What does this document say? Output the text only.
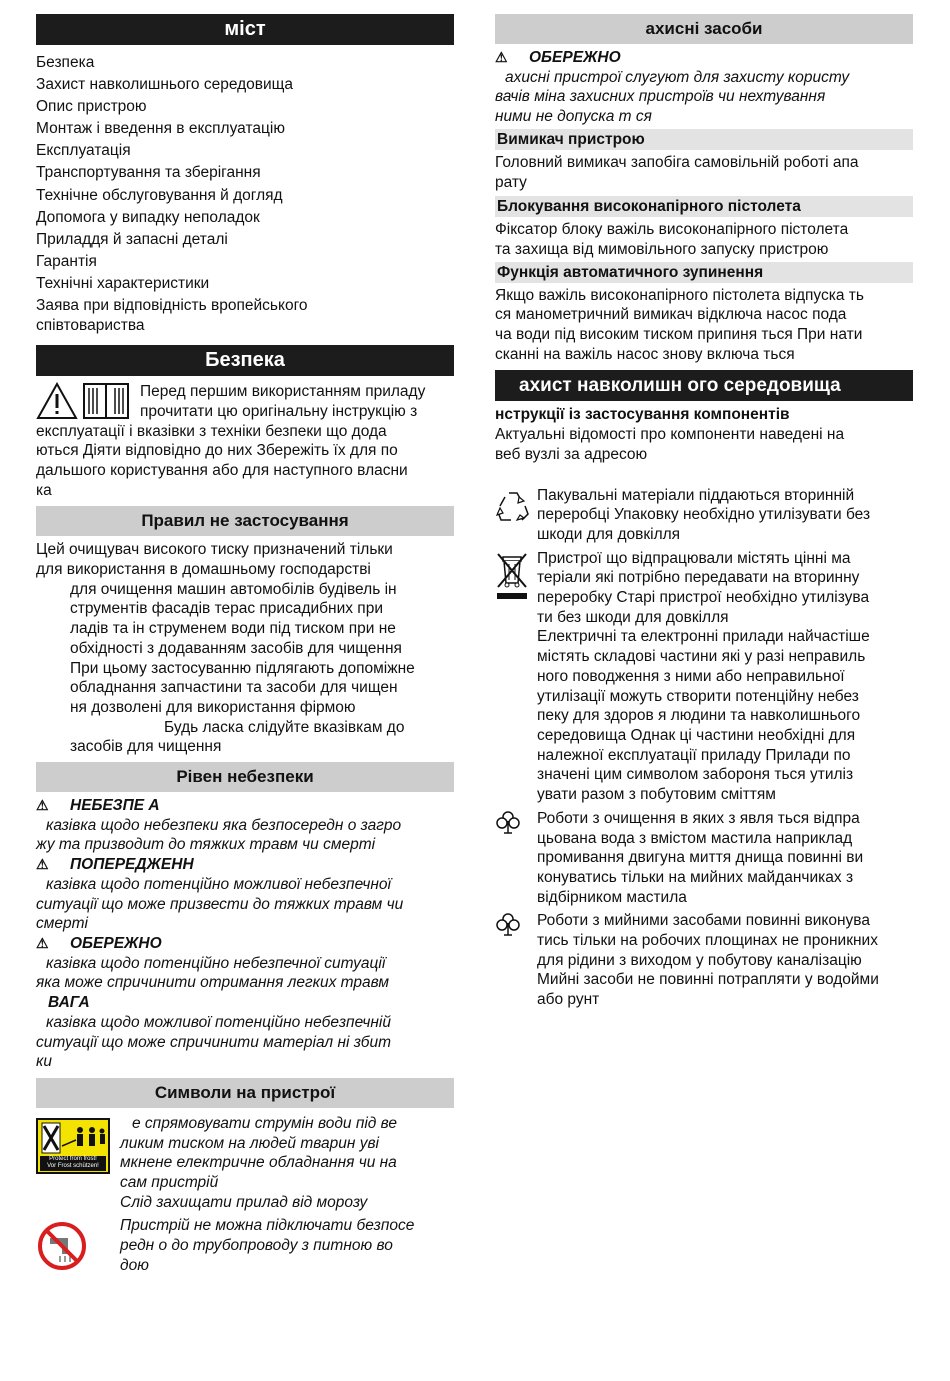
міст

Безпека

Захист навколишнього середовища

Опис пристрою

Монтаж і введення в експлуатацію

Експлуатація

Транспортування та зберігання

Технічне обслуговування й догляд

Допомога у випадку неполадок

Приладдя й запасні деталі

Гарантія

Технічні характеристики

Заява при відповідність вропейського

співтовариства

Безпека

Перед першим використанням приладу

прочитати цю оригінальну інструкцію з

експлуатації і вказівки з техніки безпеки що дода

ються Діяти відповідно до них Збережіть їх для по

дальшого користування або для наступного власни

ка

Правил не застосування

Цей очищувач високого тиску призначений тільки

для використання в домашньому господарстві

для очищення машин автомобілів будівель ін

струментів фасадів терас присадибних при

ладів та ін струменем води під тиском при не

обхідності з додаванням засобів для чищення

При цьому застосуванню підлягають допоміжне

обладнання запчастини та засоби для чищен

ня дозволені для використання фірмою

Будь ласка слідуйте вказівкам до

засобів для чищення

Рівен небезпеки
⚠ НЕБЕЗПЕ А

казівка щодо небезпеки яка безпосередн о загро

жу та призводит до тяжких травм чи смерті

⚠ ПОПЕРЕДЖЕНН

казівка щодо потенційно можливої небезпечної

ситуації що може призвести до тяжких травм чи

смерті

⚠ ОБЕРЕЖНО

казівка щодо потенційно небезпечної ситуації

яка може спричинити отримання легких травм

ВАГА

казівка щодо можливої потенційно небезпечній

ситуації що може спричинити матеріал ні збит

ки

Символи на пристрої
Protect from frost!
Vor Frost schützen!

е спрямовувати струмін води під ве

ликим тиском на людей тварин уві

мкнене електричне обладнання чи на

сам пристрій

Слід захищати прилад від морозу

Пристрій не можна підключати безпосе

редн о до трубопроводу з питною во

дою

ахисні засоби
⚠ ОБЕРЕЖНО

ахисні пристрої слугуют для захисту користу

вачів міна захисних пристроїв чи нехтування

ними не допуска т ся

Вимикач пристрою

Головний вимикач запобіга самовільній роботі апа

рату

Блокування високонапірного пістолета

Фіксатор блоку важіль високонапірного пістолета

та захища від мимовільного запуску пристрою

Функція автоматичного зупинення

Якщо важіль високонапірного пістолета відпуска ть

ся манометричний вимикач відключа насос пода

ча води під високим тиском припиня ться При нати

сканні на важіль насос знову включа ться

ахист навколишн ого середовища

нструкції із застосування компонентів

Актуальні відомості про компоненти наведені на

веб вузлі за адресою

Пакувальні матеріали піддаються вторинній

переробці Упаковку необхідно утилізувати без

шкоди для довкілля

Пристрої що відпрацювали містять цінні ма

теріали які потрібно передавати на вторинну

переробку Старі пристрої необхідно утилізува

ти без шкоди для довкілля

Електричні та електронні прилади найчастіше

містять складові частини які у разі неправиль

ного поводження з ними або неправильної

утилізації можуть створити потенційну небез

пеку для здоров я людини та навколишнього

середовища Однак ці частини необхідні для

належної експлуатації приладу Прилади по

значені цим символом забороня ться утиліз

увати разом з побутовим сміттям

Роботи з очищення в яких з явля ться відпра

цьована вода з вмістом мастила наприклад

промивання двигуна миття днища повинні ви

конуватись тільки на мийних майданчиках з

відбірником мастила

Роботи з мийними засобами повинні виконува

тись тільки на робочих площинах не проникних

для рідини з виходом у побутову каналізацію

Мийні засоби не повинні потрапляти у водойми

або рунт
